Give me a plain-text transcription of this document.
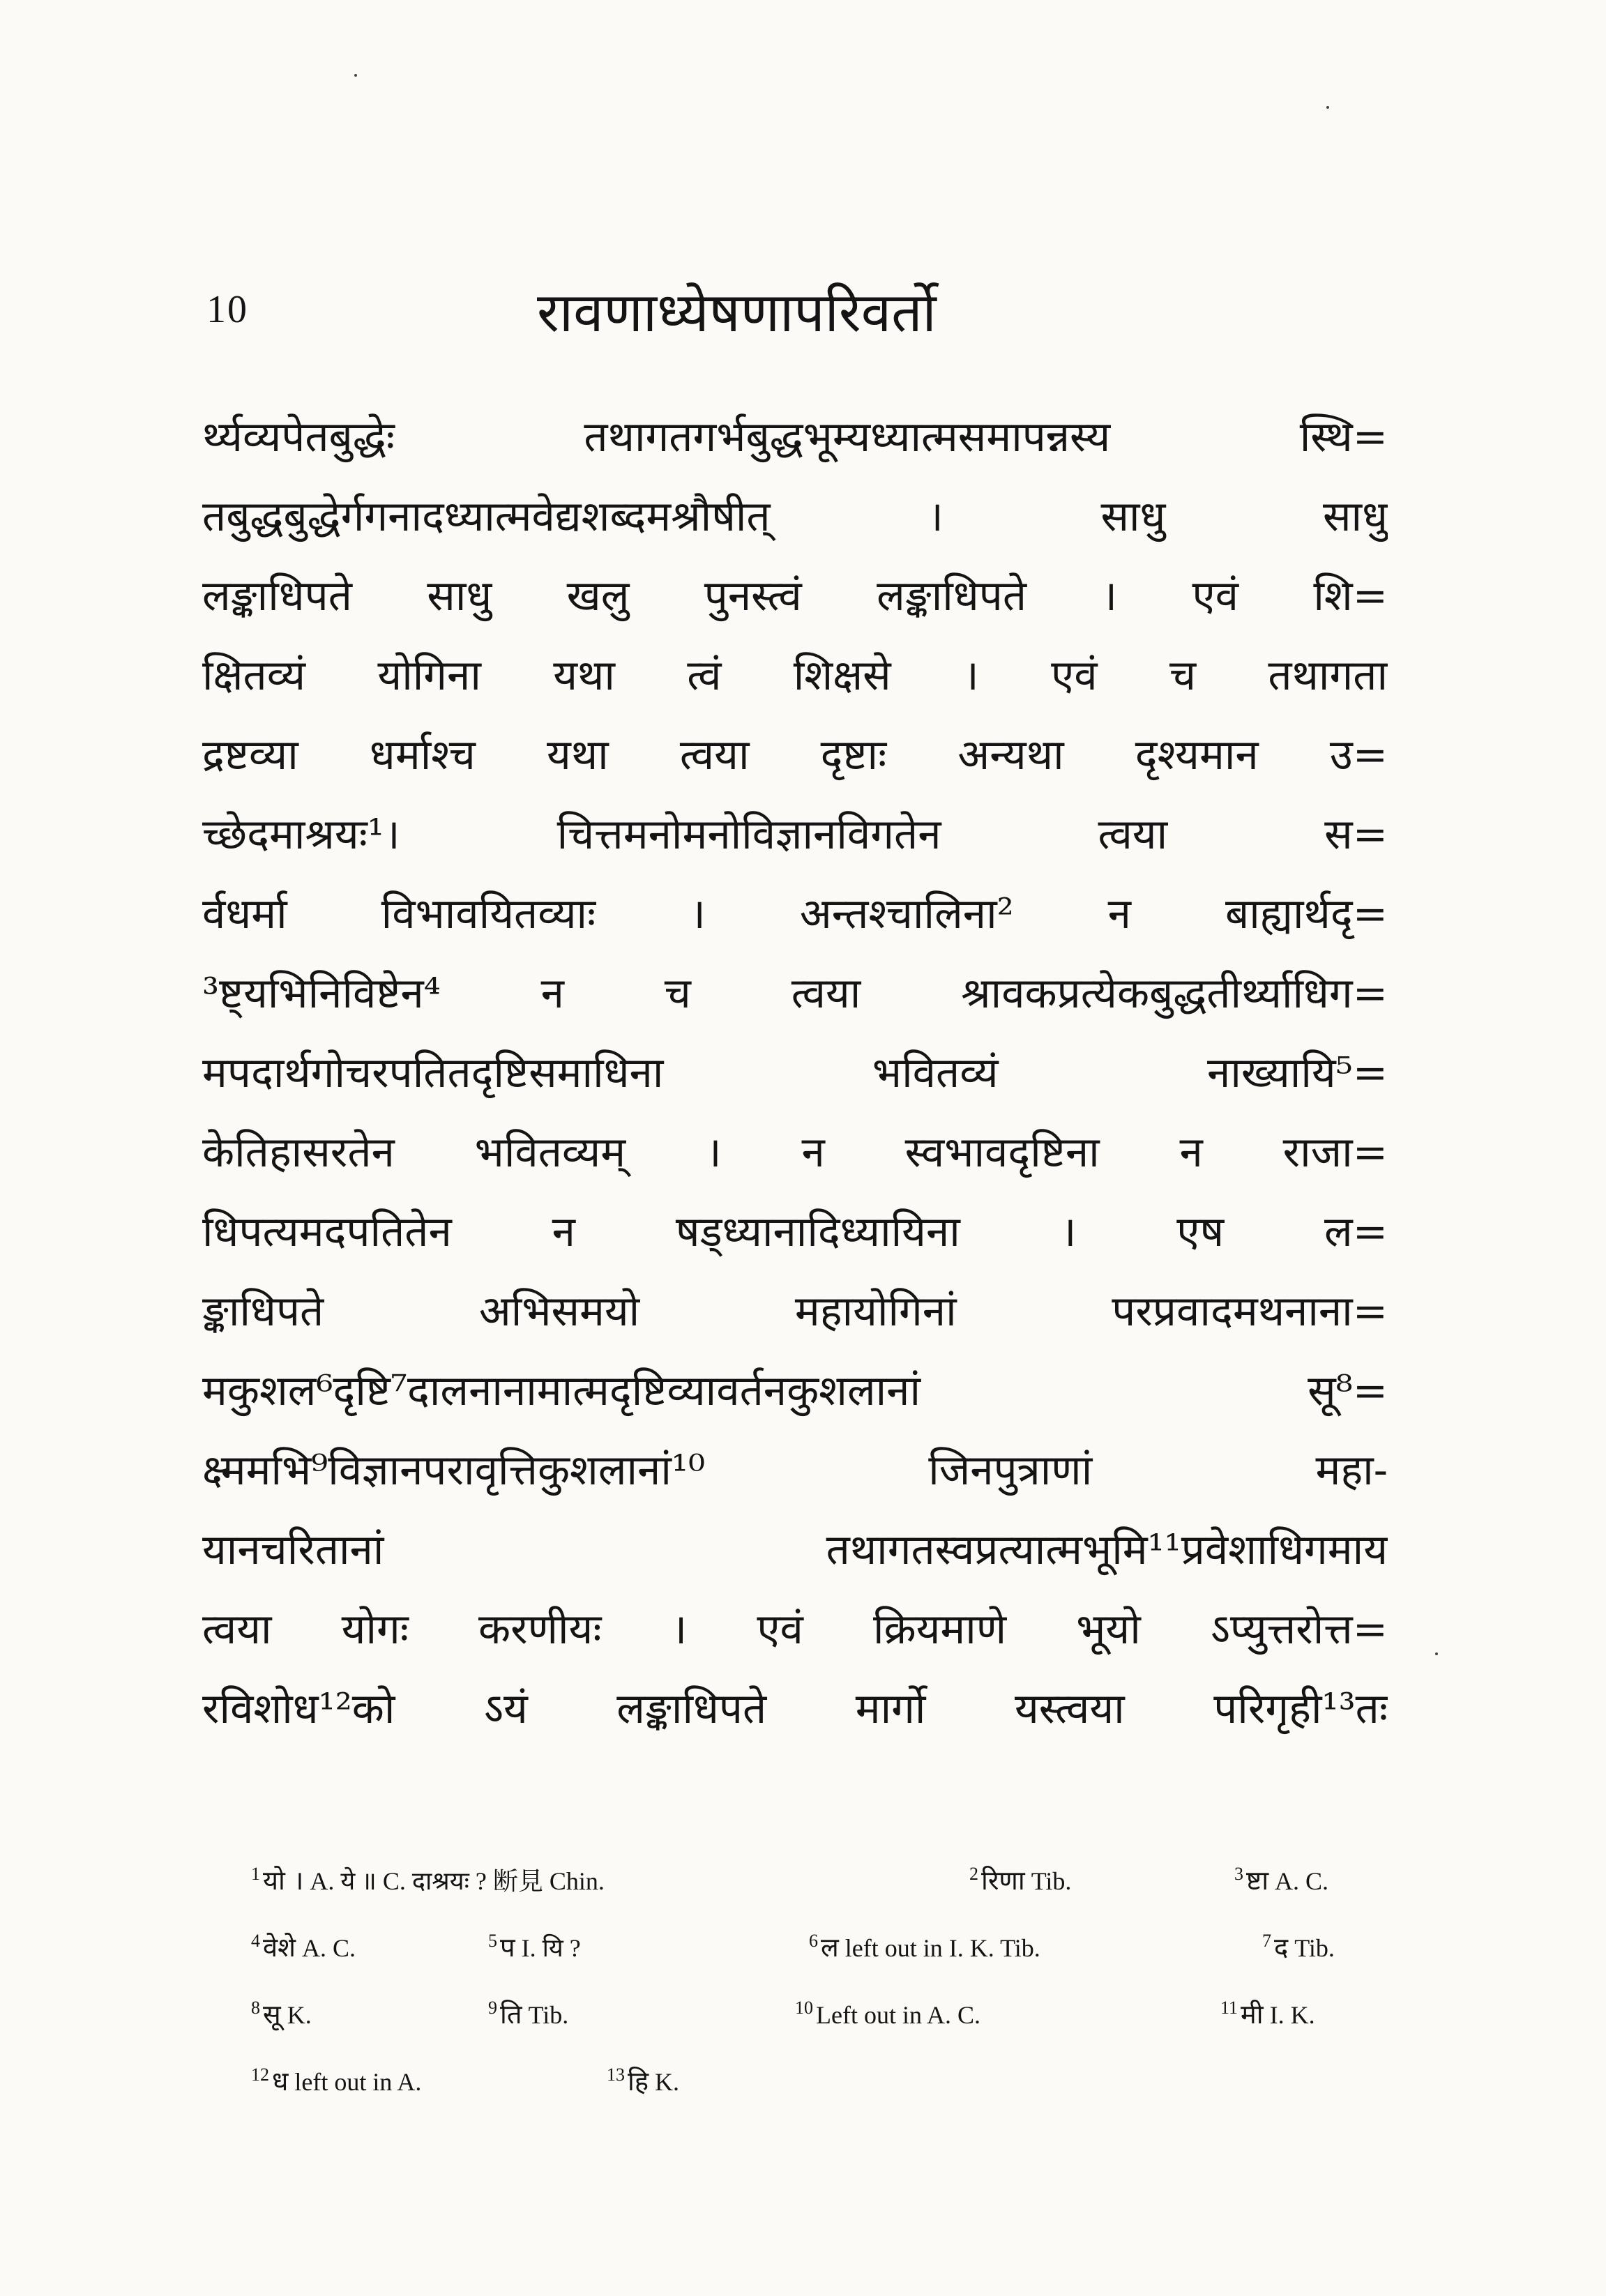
10	रावणाध्येषणापरिवर्तो
र्थ्यव्यपेतबुद्धेः तथागतगर्भबुद्धभूम्यध्यात्मसमापन्नस्य स्थि=
तबुद्धबुद्धेर्गगनादध्यात्मवेद्यशब्दमश्रौषीत् । साधु साधु
लङ्काधिपते साधु खलु पुनस्त्वं लङ्काधिपते । एवं शि=
क्षितव्यं योगिना यथा त्वं शिक्षसे । एवं च तथागता
द्रष्टव्या धर्माश्च यथा त्वया दृष्टाः अन्यथा दृश्यमान उ=
च्छेदमाश्रयः¹। चित्तमनोमनोविज्ञानविगतेन त्वया स=
र्वधर्मा विभावयितव्याः । अन्तश्चालिना² न बाह्यार्थदृ=
³ष्ट्यभिनिविष्टेन⁴ न च त्वया श्रावकप्रत्येकबुद्धतीर्थ्याधिग=
मपदार्थगोचरपतितदृष्टिसमाधिना भवितव्यं नाख्यायि⁵=
केतिहासरतेन भवितव्यम् । न स्वभावदृष्टिना न राजा=
धिपत्यमदपतितेन न षड्ध्यानादिध्यायिना । एष ल=
ङ्काधिपते अभिसमयो महायोगिनां परप्रवादमथनाना=
मकुशल⁶दृष्टि⁷दालनानामात्मदृष्टिव्यावर्तनकुशलानां सू⁸=
क्ष्ममभि⁹विज्ञानपरावृत्तिकुशलानां¹⁰ जिनपुत्राणां महा-
यानचरितानां तथागतस्वप्रत्यात्मभूमि¹¹प्रवेशाधिगमाय
त्वया योगः करणीयः । एवं क्रियमाणे भूयो ऽप्युत्तरोत्त=
रविशोध¹²को ऽयं लङ्काधिपते मार्गो यस्त्वया परिगृही¹³तः
$^1$ यो । A. ये ॥ C. दाश्रयः ? 断見 Chin.	$^2$ रिणा Tib.	$^3$ ष्टा A. C.
$^4$ वेशे A. C.	$^5$ प I. यि ?	$^6$ ल left out in I. K. Tib.	$^7$ द Tib.
$^8$ सू K.	$^9$ ति Tib.	$^{10}$ Left out in A. C.	$^{11}$ मी I. K.
$^{12}$ ध left out in A.	$^{13}$ हि K.
